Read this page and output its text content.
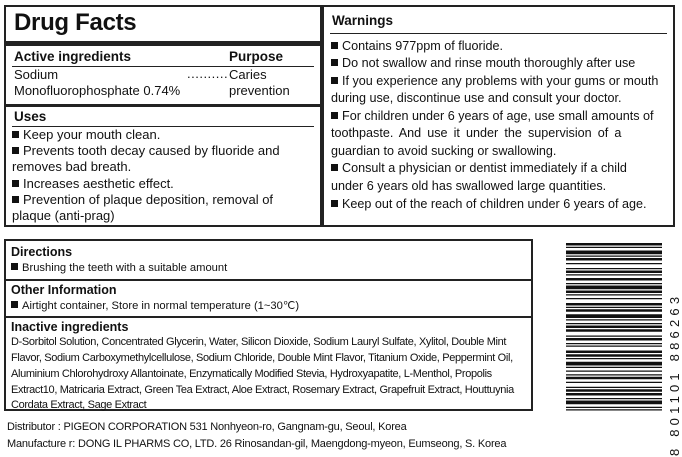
Drug Facts
Active ingredients	Purpose
Sodium
Monofluorophosphate 0.74%
.......... Caries
prevention
Uses
Keep your mouth clean.
Prevents tooth decay caused by fluoride and
removes bad breath.
Increases aesthetic effect.
Prevention of plaque deposition, removal of
plaque (anti-prag)
Warnings
Contains 977ppm of fluoride.
Do not swallow and rinse mouth thoroughly after use
If you experience any problems with your gums or mouth
during use, discontinue use and consult your doctor.
For children under 6 years of age, use small amounts of
toothpaste. And use it under the supervision of a
guardian to avoid sucking or swallowing.
Consult a physician or dentist immediately if a child
under 6 years old has swallowed large quantities.
Keep out of the reach of children under 6 years of age.
Directions
Brushing the teeth with a suitable amount
Other Information
Airtight container, Store in normal temperature (1~30℃)
Inactive ingredients
D-Sorbitol Solution, Concentrated Glycerin, Water, Silicon Dioxide, Sodium Lauryl Sulfate, Xylitol, Double Mint
Flavor, Sodium Carboxymethylcellulose, Sodium Chloride, Double Mint Flavor, Titanium Oxide, Peppermint Oil,
Aluminium Chlorohydroxy Allantoinate, Enzymatically Modified Stevia, Hydroxyapatite, L-Menthol, Propolis
Extract10, Matricaria Extract, Green Tea Extract, Aloe Extract, Rosemary Extract, Grapefruit Extract, Houttuynia
Cordata Extract, Sage Extract
Distributor : PIGEON CORPORATION 531 Nonhyeon-ro, Gangnam-gu, Seoul, Korea
Manufacture r: DONG IL PHARMS CO, LTD. 26 Rinosandan-gil, Maengdong-myeon, Eumseong, S. Korea	8 801101 886263
